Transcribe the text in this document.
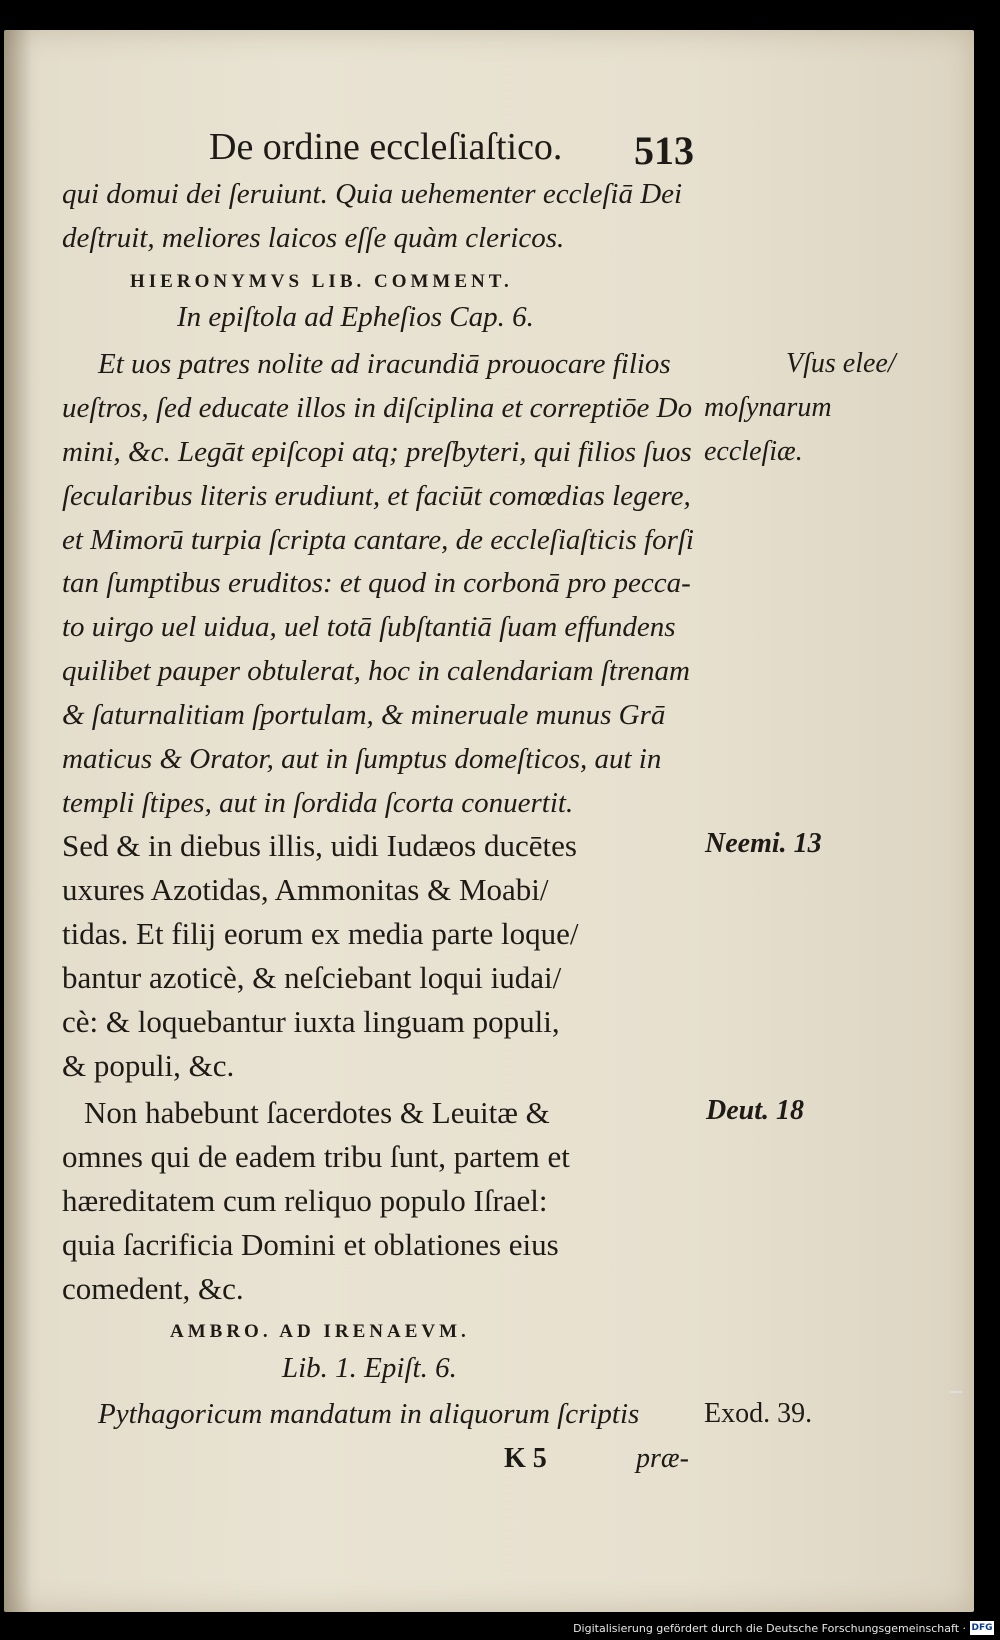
De ordine eccleſiaſtico. 513

qui domui dei ſeruiunt. Quia uehementer eccleſiā Dei

deſtruit, meliores laicos eſſe quàm clericos.

HIERONYMVS LIB. COMMENT.

In epiſtola ad Epheſios Cap. 6.

Et uos patres nolite ad iracundiā prouocare filios

ueſtros, ſed educate illos in diſciplina et correptiōe Do

mini, &c. Legāt epiſcopi atq; preſbyteri, qui filios ſuos

ſecularibus literis erudiunt, et faciūt comœdias legere,

et Mimorū turpia ſcripta cantare, de eccleſiaſticis forſi

tan ſumptibus eruditos: et quod in corbonā pro pecca-

to uirgo uel uidua, uel totā ſubſtantiā ſuam effundens

quilibet pauper obtulerat, hoc in calendariam ſtrenam

& ſaturnalitiam ſportulam, & mineruale munus Grā

maticus & Orator, aut in ſumptus domeſticos, aut in

templi ſtipes, aut in ſordida ſcorta conuertit.

Sed & in diebus illis, uidi Iudæos ducētes

uxures Azotidas, Ammonitas & Moabi/

tidas. Et filij eorum ex media parte loque/

bantur azoticè, & neſciebant loqui iudai/

cè: & loquebantur iuxta linguam populi,

& populi, &c.

Non habebunt ſacerdotes & Leuitæ &

omnes qui de eadem tribu ſunt, partem et

hæreditatem cum reliquo populo Iſrael:

quia ſacrificia Domini et oblationes eius

comedent, &c.

AMBRO. AD IRENAEVM.

Lib. 1. Epiſt. 6.

Pythagoricum mandatum in aliquorum ſcriptis

Vſus elee/

moſynarum

eccleſiæ.

Neemi. 13

Deut. 18

Exod. 39.

K 5	præ-

Digitalisierung gefördert durch die Deutsche Forschungsgemeinschaft · DFG
